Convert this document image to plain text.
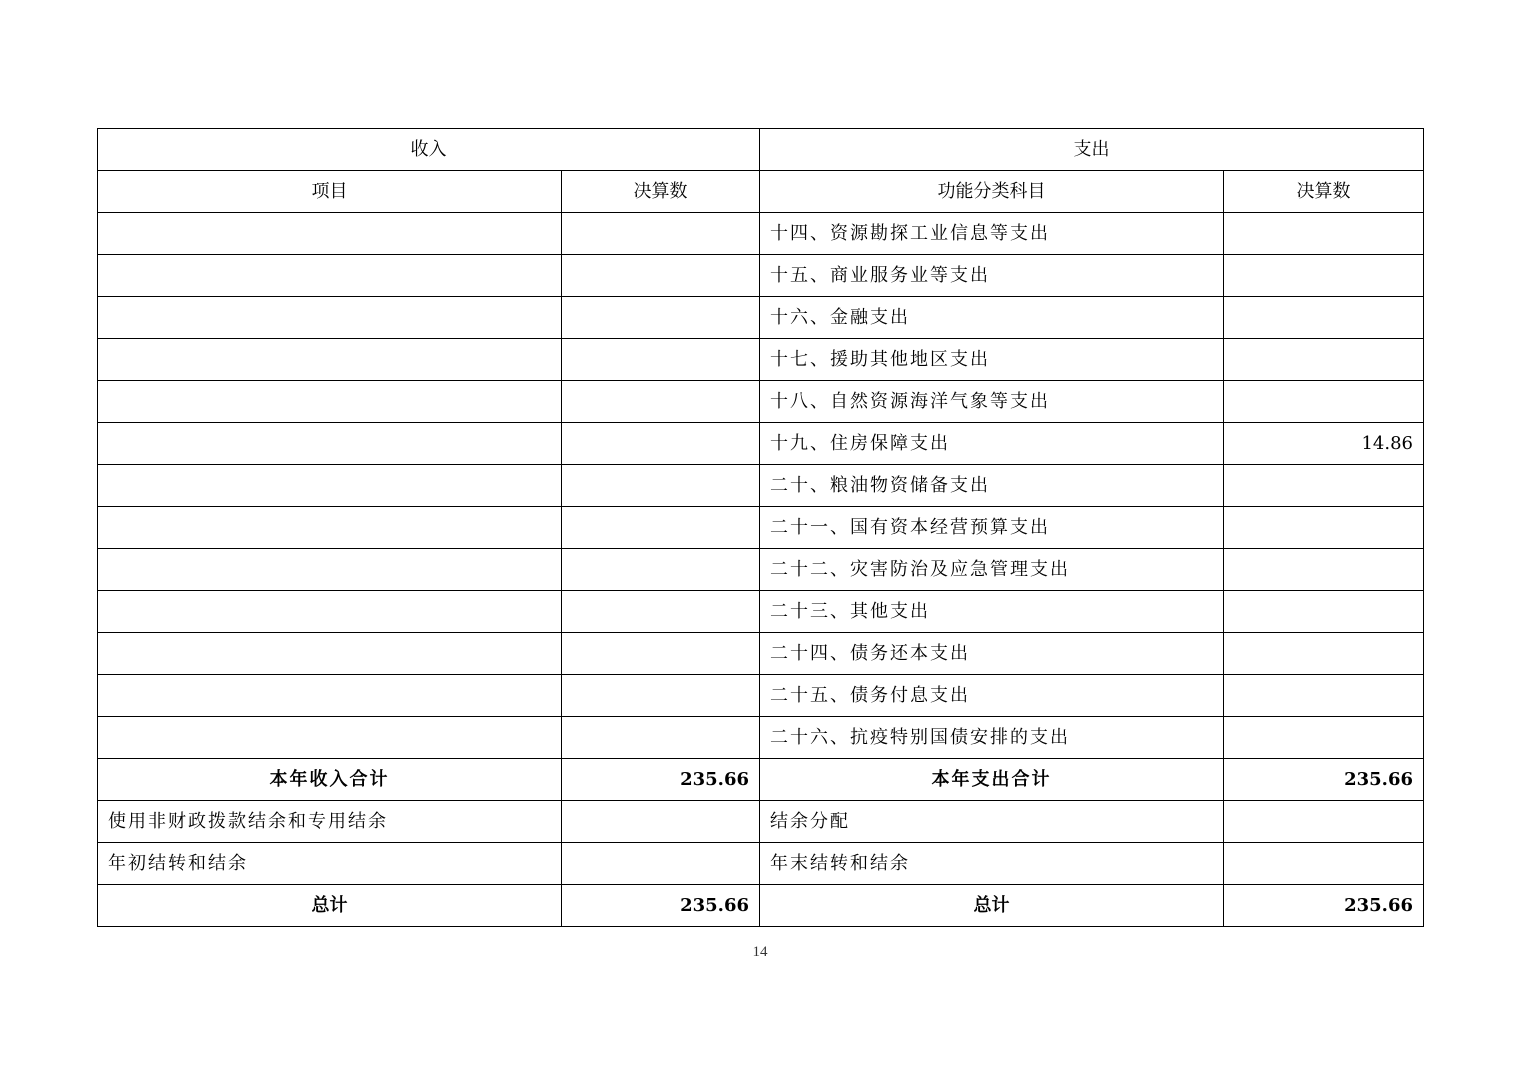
收入		支出	
项目	决算数	功能分类科目	决算数
		十四、资源勘探工业信息等支出	
		十五、商业服务业等支出	
		十六、金融支出	
		十七、援助其他地区支出	
		十八、自然资源海洋气象等支出	
		十九、住房保障支出	14.86
		二十、粮油物资储备支出	
		二十一、国有资本经营预算支出	
		二十二、灾害防治及应急管理支出	
		二十三、其他支出	
		二十四、债务还本支出	
		二十五、债务付息支出	
		二十六、抗疫特别国债安排的支出	
本年收入合计	235.66	本年支出合计	235.66
使用非财政拨款结余和专用结余		结余分配	
年初结转和结余		年末结转和结余	
总计	235.66	总计	235.66
14
